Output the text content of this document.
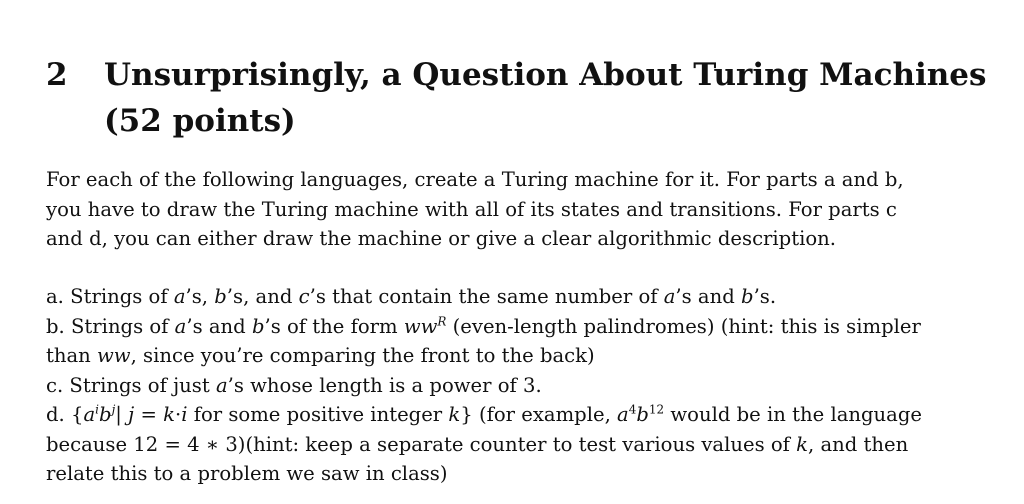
2 Unsurprisingly, a Question About Turing Machines
(52 points)
For each of the following languages, create a Turing machine for it. For parts a and b,
you have to draw the Turing machine with all of its states and transitions. For parts c
and d, you can either draw the machine or give a clear algorithmic description.
a. Strings of a’s, b’s, and c’s that contain the same number of a’s and b’s.
b. Strings of a’s and b’s of the form $ww^R$ (even-length palindromes) (hint: this is simpler
than ww, since you’re comparing the front to the back)
c. Strings of just a’s whose length is a power of 3.
d. {$a^ib^j|$ j = k·i for some positive integer k} (for example, $a^4b^{12}$ would be in the language
because 12 = 4 ∗ 3)(hint: keep a separate counter to test various values of k, and then
relate this to a problem we saw in class)
